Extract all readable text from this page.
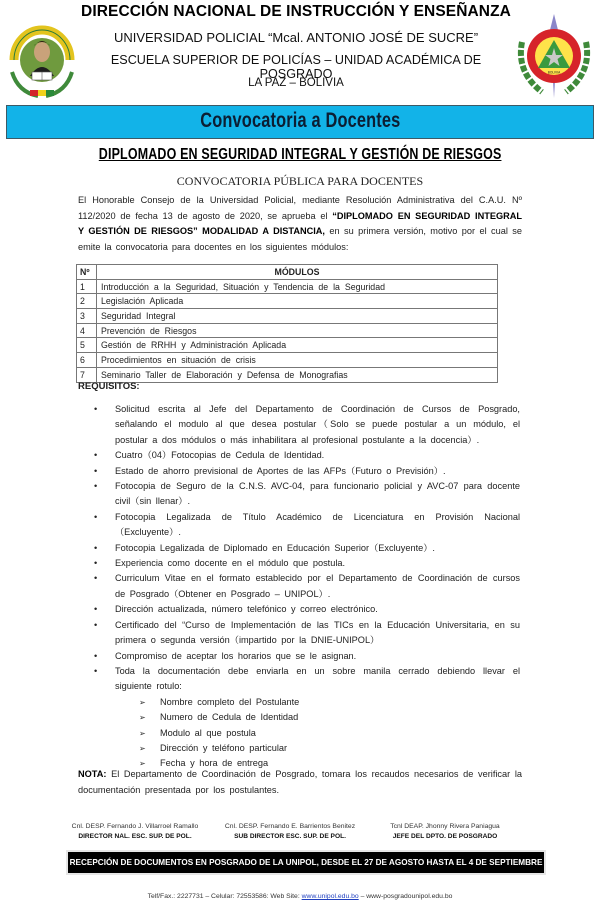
DIRECCIÓN NACIONAL DE INSTRUCCIÓN Y ENSEÑANZA
UNIVERSIDAD POLICIAL “Mcal. ANTONIO JOSÉ DE SUCRE”
ESCUELA SUPERIOR DE POLICÍAS – UNIDAD ACADÉMICA DE POSGRADO
LA PAZ – BOLIVIA
BOLIVIA
Convocatoria a Docentes
DIPLOMADO EN SEGURIDAD INTEGRAL Y GESTIÓN DE RIESGOS
CONVOCATORIA PÚBLICA PARA DOCENTES

El Honorable Consejo de la Universidad Policial, mediante Resolución Administrativa del C.A.U. Nº 112/2020 de fecha 13 de agosto de 2020, se aprueba el “DIPLOMADO EN SEGURIDAD INTEGRAL Y GESTIÓN DE RIESGOS” MODALIDAD A DISTANCIA, en su primera versión, motivo por el cual se emite la convocatoria para docentes en los siguientes módulos:

Nº	MÓDULOS
1	Introducción a la Seguridad, Situación y Tendencia de la Seguridad
2	Legislación Aplicada
3	Seguridad Integral
4	Prevención de Riesgos
5	Gestión de RRHH y Administración Aplicada
6	Procedimientos en situación de crisis
7	Seminario Taller de Elaboración y Defensa de Monografias
REQUISITOS:
• Solicitud escrita al Jefe del Departamento de Coordinación de Cursos de Posgrado, señalando el modulo al que desea postular（Solo se puede postular a un módulo, el postular a dos módulos o más inhabilitara al profesional postulante a la docencia）.
• Cuatro（04）Fotocopias de Cedula de Identidad.
• Estado de ahorro previsional de Aportes de las AFPs（Futuro o Previsión）.
• Fotocopia de Seguro de la C.N.S. AVC-04, para funcionario policial y AVC-07 para docente civil（sin llenar）.
• Fotocopia Legalizada de Título Académico de Licenciatura en Provisión Nacional（Excluyente）.
• Fotocopia Legalizada de Diplomado en Educación Superior（Excluyente）.
• Experiencia como docente en el módulo que postula.
• Curriculum Vitae en el formato establecido por el Departamento de Coordinación de cursos de Posgrado（Obtener en Posgrado – UNIPOL）.
• Dirección actualizada, número telefónico y correo electrónico.
• Certificado del “Curso de Implementación de las TICs en la Educación Universitaria, en su primera o segunda versión（impartido por la DNIE-UNIPOL）
• Compromiso de aceptar los horarios que se le asignan.
• Toda la documentación debe enviarla en un sobre manila cerrado debiendo llevar el siguiente rotulo:
➢ Nombre completo del Postulante
➢ Numero de Cedula de Identidad
➢ Modulo al que postula
➢ Dirección y teléfono particular
➢ Fecha y hora de entrega

NOTA: El Departamento de Coordinación de Posgrado, tomara los recaudos necesarios de verificar la documentación presentada por los postulantes.

Cnl. DESP. Fernando J. Villarroel Ramallo
DIRECTOR NAL. ESC. SUP. DE POL.
Cnl. DESP. Fernando E. Barrientos Benitez
SUB DIRECTOR ESC. SUP. DE POL.
Tcnl DEAP. Jhonny Rivera Paniagua
JEFE DEL DPTO. DE POSGRADO
RECEPCIÓN DE DOCUMENTOS EN POSGRADO DE LA UNIPOL, DESDE EL 27 DE AGOSTO HASTA EL 4 DE SEPTIEMBRE
Telf/Fax.: 2227731 – Celular: 72553586: Web Site: www.unipol.edu.bo – www-posgradounipol.edu.bo
